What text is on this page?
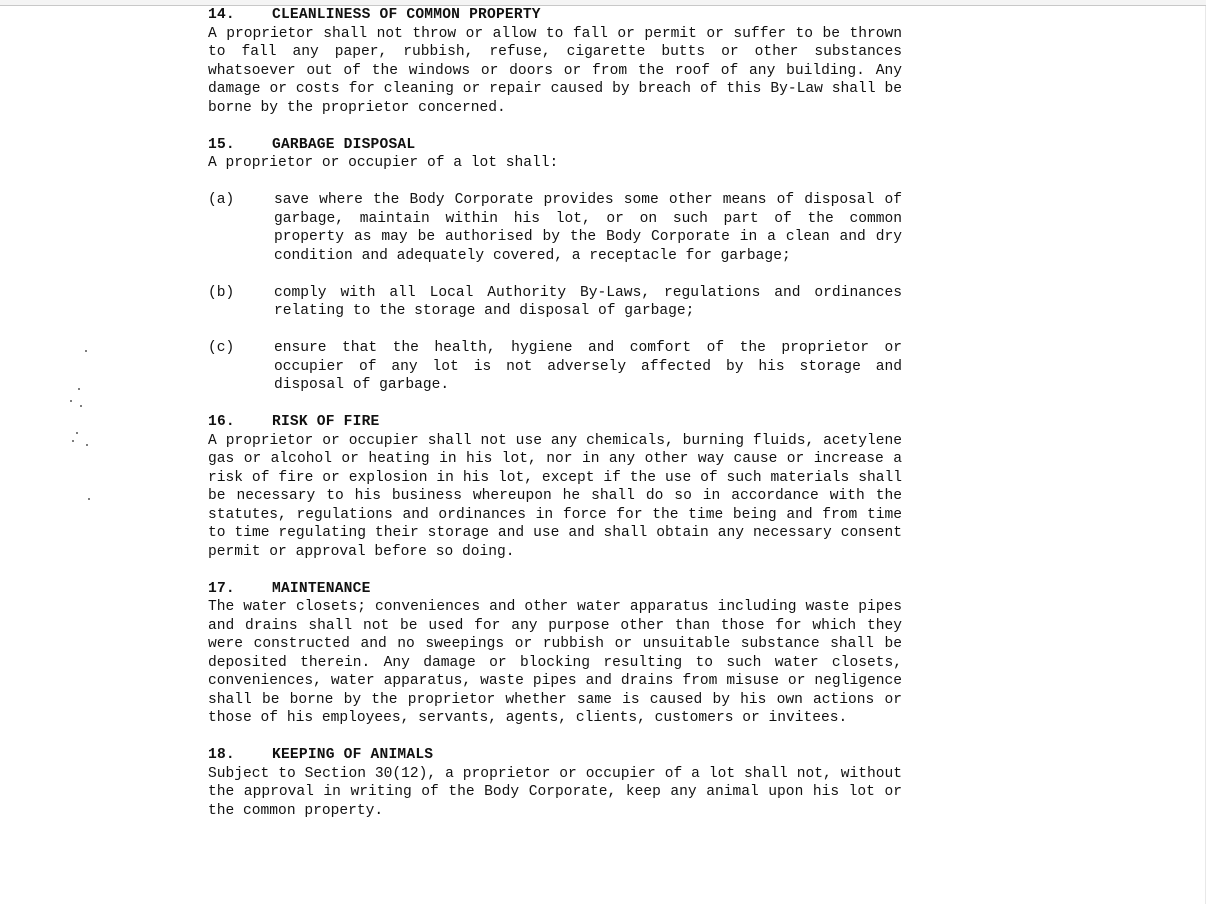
14.	CLEANLINESS OF COMMON PROPERTY
A proprietor shall not throw or allow to fall or permit or suffer to be thrown to fall any paper, rubbish, refuse, cigarette butts or other substances whatsoever out of the windows or doors or from the roof of any building. Any damage or costs for cleaning or repair caused by breach of this By-Law shall be borne by the proprietor concerned.
15.	GARBAGE DISPOSAL
A proprietor or occupier of a lot shall:
(a)	save where the Body Corporate provides some other means of disposal of garbage, maintain within his lot, or on such part of the common property as may be authorised by the Body Corporate in a clean and dry condition and adequately covered, a receptacle for garbage;
(b)	comply with all Local Authority By-Laws, regulations and ordinances relating to the storage and disposal of garbage;
(c)	ensure that the health, hygiene and comfort of the proprietor or occupier of any lot is not adversely affected by his storage and disposal of garbage.
16.	RISK OF FIRE
A proprietor or occupier shall not use any chemicals, burning fluids, acetylene gas or alcohol or heating in his lot, nor in any other way cause or increase a risk of fire or explosion in his lot, except if the use of such materials shall be necessary to his business whereupon he shall do so in accordance with the statutes, regulations and ordinances in force for the time being and from time to time regulating their storage and use and shall obtain any necessary consent permit or approval before so doing.
17.	MAINTENANCE
The water closets; conveniences and other water apparatus including waste pipes and drains shall not be used for any purpose other than those for which they were constructed and no sweepings or rubbish or unsuitable substance shall be deposited therein. Any damage or blocking resulting to such water closets, conveniences, water apparatus, waste pipes and drains from misuse or negligence shall be borne by the proprietor whether same is caused by his own actions or those of his employees, servants, agents, clients, customers or invitees.
18.	KEEPING OF ANIMALS
Subject to Section 30(12), a proprietor or occupier of a lot shall not, without the approval in writing of the Body Corporate, keep any animal upon his lot or the common property.
